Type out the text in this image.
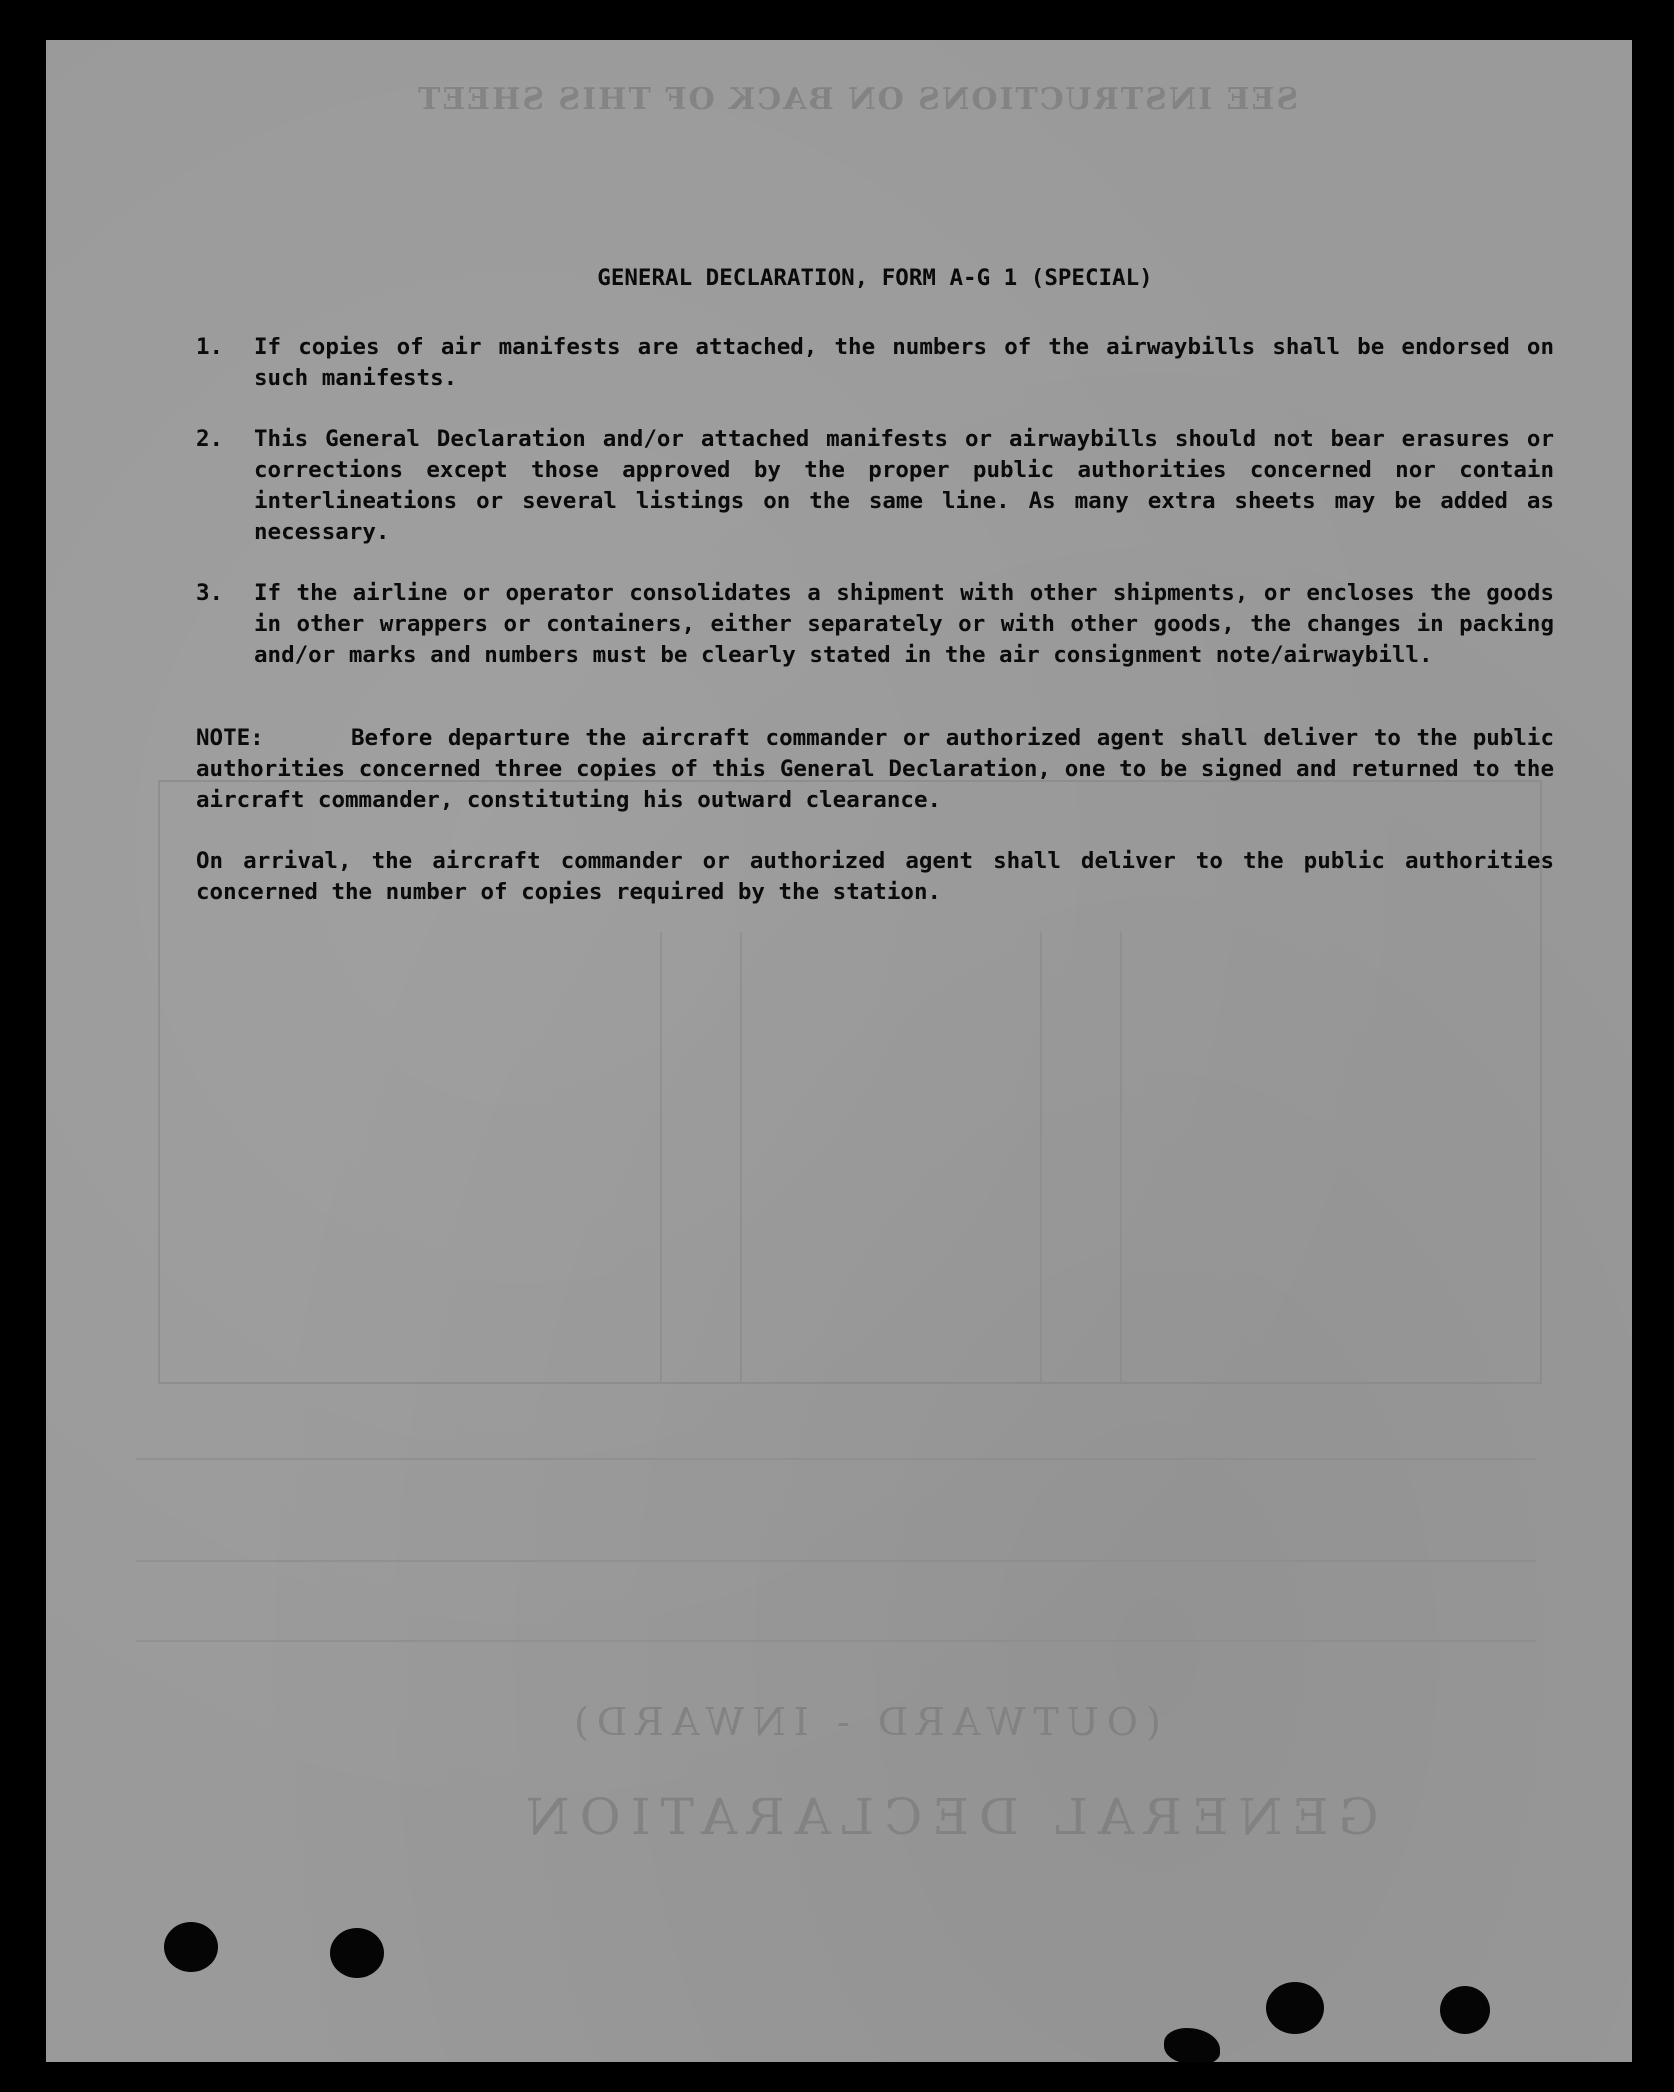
SEE INSTRUCTIONS ON BACK OF THIS SHEET
(OUTWARD - INWARD)
GENERAL DECLARATION
GENERAL DECLARATION, FORM A-G 1 (SPECIAL)
1.	If copies of air manifests are attached, the numbers of the airwaybills shall be endorsed on such manifests.
2.	This General Declaration and/or attached manifests or airwaybills should not bear erasures or corrections except those approved by the proper public authorities concerned nor contain interlineations or several listings on the same line. As many extra sheets may be added as necessary.
3.	If the airline or operator consolidates a shipment with other shipments, or encloses the goods in other wrappers or containers, either separately or with other goods, the changes in packing and/or marks and numbers must be clearly stated in the air consignment note/airwaybill.
NOTE:	Before departure the aircraft commander or authorized agent shall deliver to the public authorities concerned three copies of this General Declaration, one to be signed and returned to the aircraft commander, constituting his outward clearance.

On arrival, the aircraft commander or authorized agent shall deliver to the public authorities concerned the number of copies required by the station.
